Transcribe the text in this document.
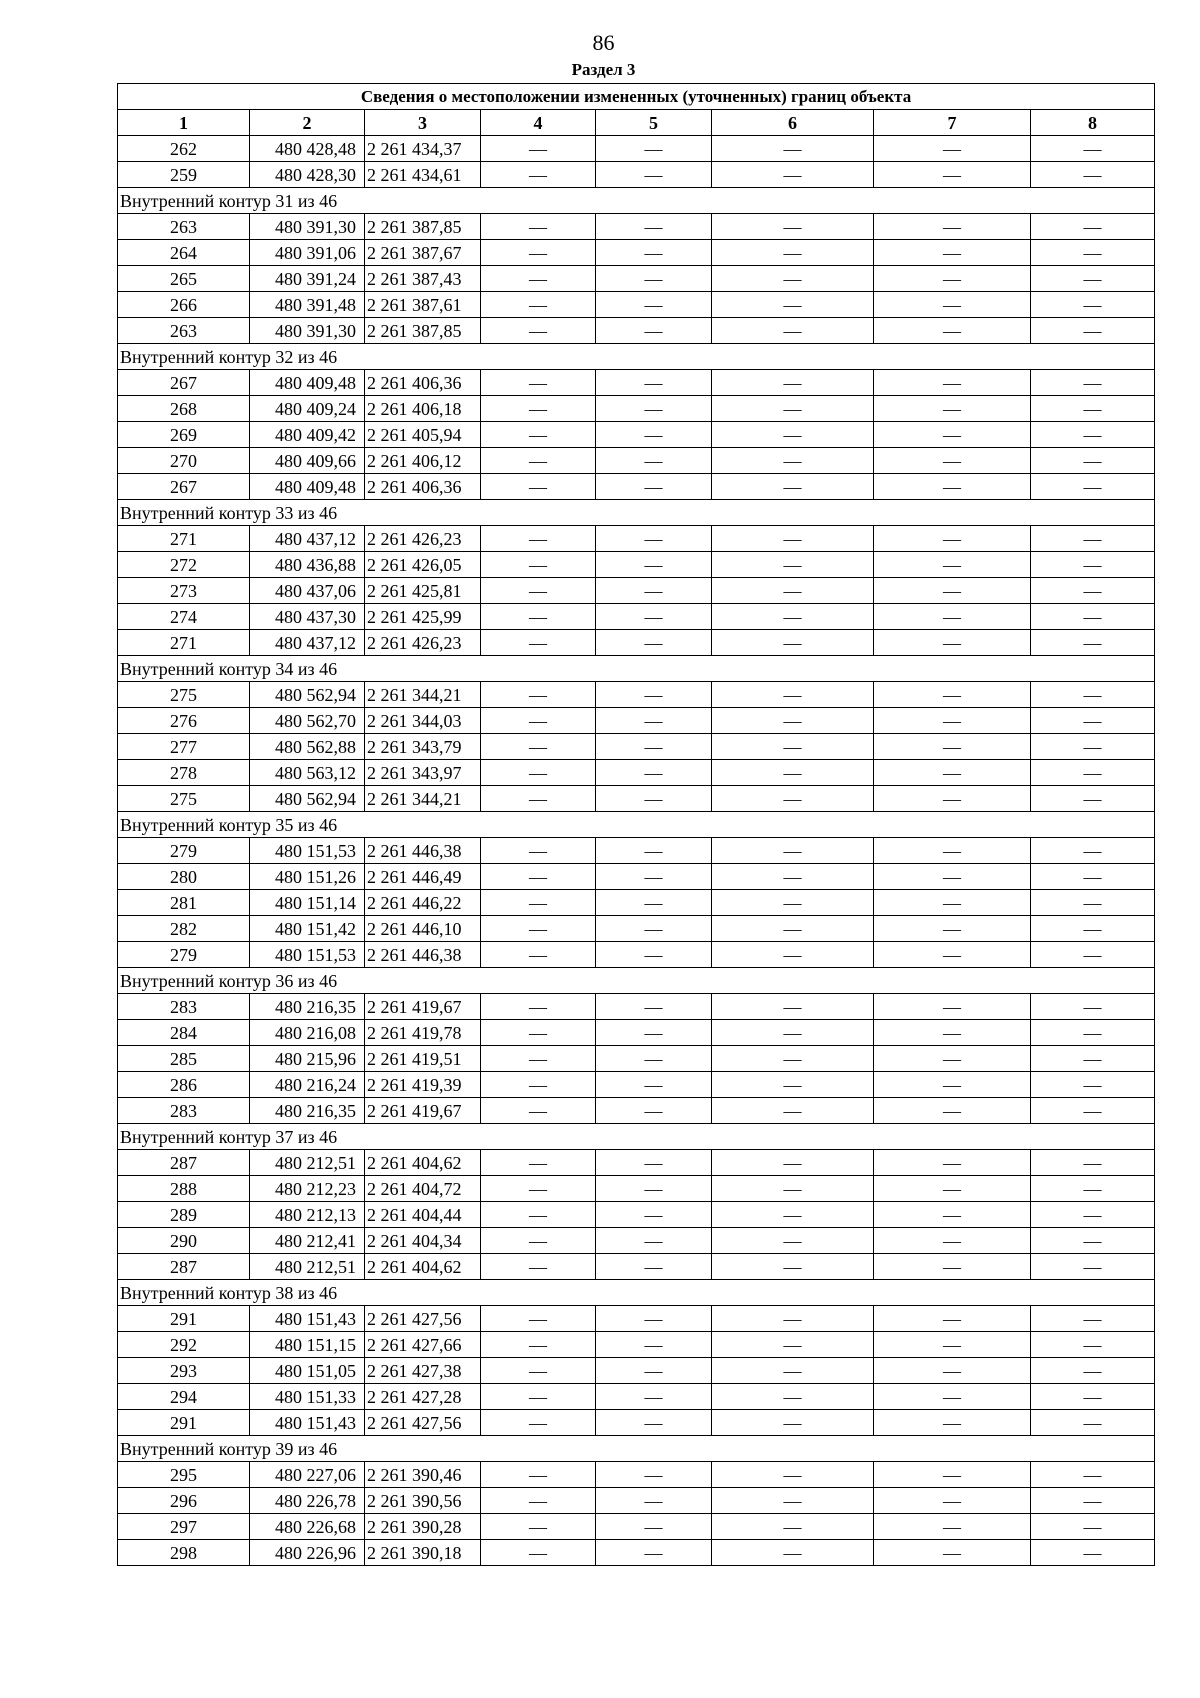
86
Раздел 3
Сведения о местоположении измененных (уточненных) границ объекта							
1	2	3	4	5	6	7	8
262	480 428,48	2 261 434,37	—	—	—	—	—
259	480 428,30	2 261 434,61	—	—	—	—	—
Внутренний контур 31 из 46							
263	480 391,30	2 261 387,85	—	—	—	—	—
264	480 391,06	2 261 387,67	—	—	—	—	—
265	480 391,24	2 261 387,43	—	—	—	—	—
266	480 391,48	2 261 387,61	—	—	—	—	—
263	480 391,30	2 261 387,85	—	—	—	—	—
Внутренний контур 32 из 46							
267	480 409,48	2 261 406,36	—	—	—	—	—
268	480 409,24	2 261 406,18	—	—	—	—	—
269	480 409,42	2 261 405,94	—	—	—	—	—
270	480 409,66	2 261 406,12	—	—	—	—	—
267	480 409,48	2 261 406,36	—	—	—	—	—
Внутренний контур 33 из 46							
271	480 437,12	2 261 426,23	—	—	—	—	—
272	480 436,88	2 261 426,05	—	—	—	—	—
273	480 437,06	2 261 425,81	—	—	—	—	—
274	480 437,30	2 261 425,99	—	—	—	—	—
271	480 437,12	2 261 426,23	—	—	—	—	—
Внутренний контур 34 из 46							
275	480 562,94	2 261 344,21	—	—	—	—	—
276	480 562,70	2 261 344,03	—	—	—	—	—
277	480 562,88	2 261 343,79	—	—	—	—	—
278	480 563,12	2 261 343,97	—	—	—	—	—
275	480 562,94	2 261 344,21	—	—	—	—	—
Внутренний контур 35 из 46							
279	480 151,53	2 261 446,38	—	—	—	—	—
280	480 151,26	2 261 446,49	—	—	—	—	—
281	480 151,14	2 261 446,22	—	—	—	—	—
282	480 151,42	2 261 446,10	—	—	—	—	—
279	480 151,53	2 261 446,38	—	—	—	—	—
Внутренний контур 36 из 46							
283	480 216,35	2 261 419,67	—	—	—	—	—
284	480 216,08	2 261 419,78	—	—	—	—	—
285	480 215,96	2 261 419,51	—	—	—	—	—
286	480 216,24	2 261 419,39	—	—	—	—	—
283	480 216,35	2 261 419,67	—	—	—	—	—
Внутренний контур 37 из 46							
287	480 212,51	2 261 404,62	—	—	—	—	—
288	480 212,23	2 261 404,72	—	—	—	—	—
289	480 212,13	2 261 404,44	—	—	—	—	—
290	480 212,41	2 261 404,34	—	—	—	—	—
287	480 212,51	2 261 404,62	—	—	—	—	—
Внутренний контур 38 из 46							
291	480 151,43	2 261 427,56	—	—	—	—	—
292	480 151,15	2 261 427,66	—	—	—	—	—
293	480 151,05	2 261 427,38	—	—	—	—	—
294	480 151,33	2 261 427,28	—	—	—	—	—
291	480 151,43	2 261 427,56	—	—	—	—	—
Внутренний контур 39 из 46							
295	480 227,06	2 261 390,46	—	—	—	—	—
296	480 226,78	2 261 390,56	—	—	—	—	—
297	480 226,68	2 261 390,28	—	—	—	—	—
298	480 226,96	2 261 390,18	—	—	—	—	—
